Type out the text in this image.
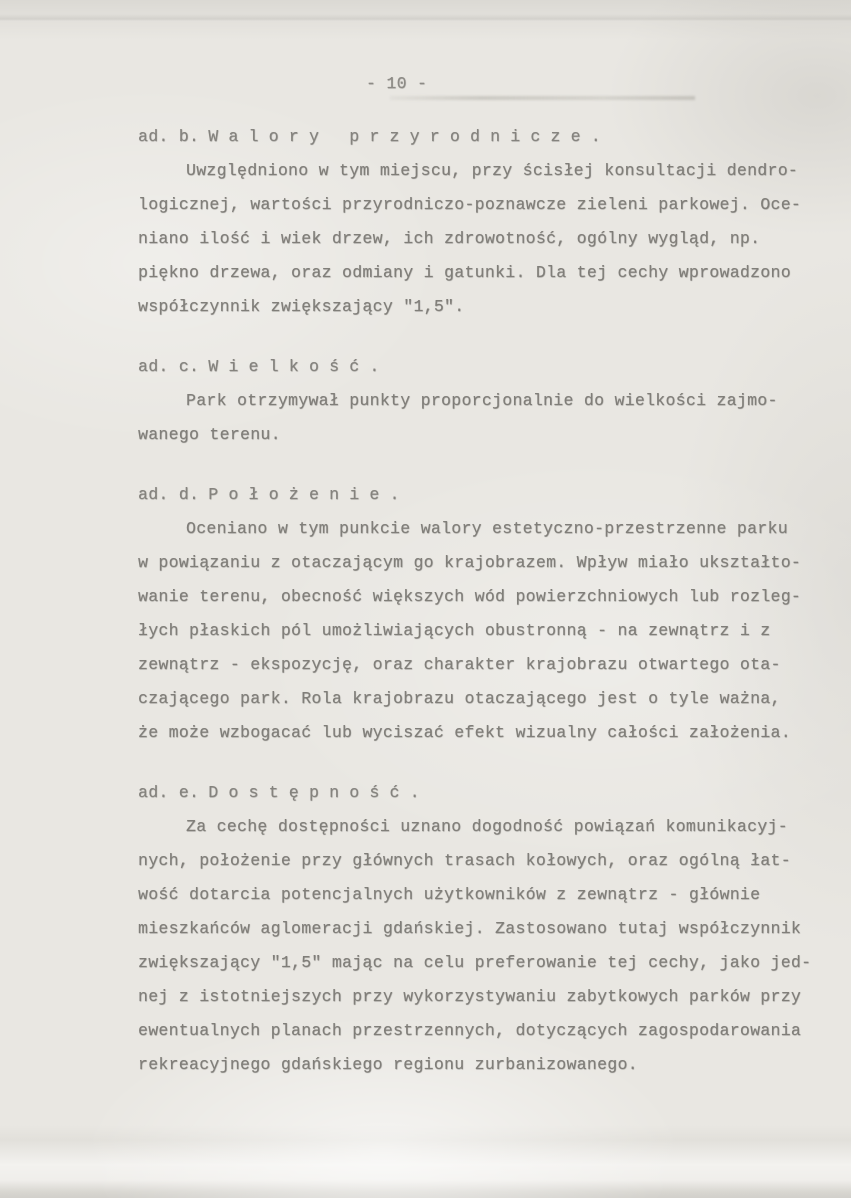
- 10 -
ad. b. Walory przyrodnicze.
Uwzględniono w tym miejscu, przy ścisłej konsultacji dendro-
logicznej, wartości przyrodniczo-poznawcze zieleni parkowej. Oce-
niano ilość i wiek drzew, ich zdrowotność, ogólny wygląd, np.
piękno drzewa, oraz odmiany i gatunki. Dla tej cechy wprowadzono
współczynnik zwiększający "1,5".
ad. c. Wielkość.
Park otrzymywał punkty proporcjonalnie do wielkości zajmo-
wanego terenu.
ad. d. Położenie.
Oceniano w tym punkcie walory estetyczno-przestrzenne parku
w powiązaniu z otaczającym go krajobrazem. Wpływ miało ukształto-
wanie terenu, obecność większych wód powierzchniowych lub rozleg-
łych płaskich pól umożliwiających obustronną - na zewnątrz i z
zewnątrz - ekspozycję, oraz charakter krajobrazu otwartego ota-
czającego park. Rola krajobrazu otaczającego jest o tyle ważna,
że może wzbogacać lub wyciszać efekt wizualny całości założenia.
ad. e. Dostępność.
Za cechę dostępności uznano dogodność powiązań komunikacyj-
nych, położenie przy głównych trasach kołowych, oraz ogólną łat-
wość dotarcia potencjalnych użytkowników z zewnątrz - głównie
mieszkańców aglomeracji gdańskiej. Zastosowano tutaj współczynnik
zwiększający "1,5" mając na celu preferowanie tej cechy, jako jed-
nej z istotniejszych przy wykorzystywaniu zabytkowych parków przy
ewentualnych planach przestrzennych, dotyczących zagospodarowania
rekreacyjnego gdańskiego regionu zurbanizowanego.
